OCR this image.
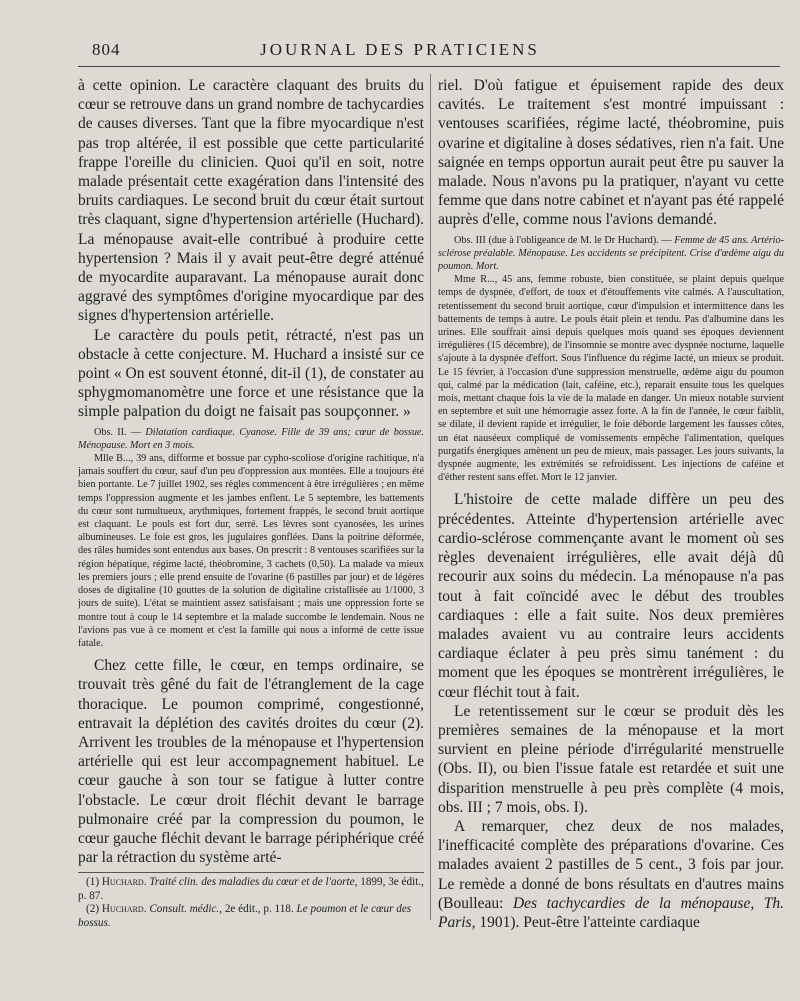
804	JOURNAL DES PRATICIENS

à cette opinion. Le caractère claquant des bruits du cœur se retrouve dans un grand nombre de tachycardies de causes diverses. Tant que la fibre myocardique n'est pas trop altérée, il est possible que cette particularité frappe l'oreille du clinicien. Quoi qu'il en soit, notre malade présentait cette exagération dans l'intensité des bruits cardiaques. Le second bruit du cœur était surtout très claquant, signe d'hypertension artérielle (Huchard). La ménopause avait-elle contribué à produire cette hypertension ? Mais il y avait peut-être degré atténué de myocardite auparavant. La ménopause aurait donc aggravé des symptômes d'origine myocardique par des signes d'hypertension artérielle.

Le caractère du pouls petit, rétracté, n'est pas un obstacle à cette conjecture. M. Huchard a insisté sur ce point « On est souvent étonné, dit-il (1), de constater au sphygmomanomètre une force et une résistance que la simple palpation du doigt ne faisait pas soupçonner. »

Obs. II. — Dilatation cardiaque. Cyanose. Fille de 39 ans; cœur de bossue. Ménopause. Mort en 3 mois.

Mlle B..., 39 ans, difforme et bossue par cypho-scoliose d'origine rachitique, n'a jamais souffert du cœur, sauf d'un peu d'oppression aux montées. Elle a toujours été bien portante. Le 7 juillet 1902, ses règles commencent à être irrégulières ; en même temps l'oppression augmente et les jambes enflent. Le 5 septembre, les battements du cœur sont tumultueux, arythmiques, fortement frappés, le second bruit aortique est claquant. Le pouls est fort dur, serré. Les lèvres sont cyanosées, les urines albumineuses. Le foie est gros, les jugulaires gonflées. Dans la poitrine déformée, des râles humides sont entendus aux bases. On prescrit : 8 ventouses scarifiées sur la région hépatique, régime lacté, théobromine, 3 cachets (0,50). La malade va mieux les premiers jours ; elle prend ensuite de l'ovarine (6 pastilles par jour) et de légères doses de digitaline (10 gouttes de la solution de digitaline cristallisée au 1/1000, 3 jours de suite). L'état se maintient assez satisfaisant ; mais une oppression forte se montre tout à coup le 14 septembre et la malade succombe le lendemain. Nous ne l'avions pas vue à ce moment et c'est la famille qui nous a informé de cette issue fatale.

Chez cette fille, le cœur, en temps ordinaire, se trouvait très gêné du fait de l'étranglement de la cage thoracique. Le poumon comprimé, congestionné, entravait la déplétion des cavités droites du cœur (2). Arrivent les troubles de la ménopause et l'hypertension artérielle qui est leur accompagnement habituel. Le cœur gauche à son tour se fatigue à lutter contre l'obstacle. Le cœur droit fléchit devant le barrage pulmonaire créé par la compression du poumon, le cœur gauche fléchit devant le barrage périphérique créé par la rétraction du système arté-

(1) Huchard. Traité clin. des maladies du cœur et de l'aorte, 1899, 3e édit., p. 87.

(2) Huchard. Consult. médic., 2e édit., p. 118. Le poumon et le cœur des bossus.

riel. D'où fatigue et épuisement rapide des deux cavités. Le traitement s'est montré impuissant : ventouses scarifiées, régime lacté, théobromine, puis ovarine et digitaline à doses sédatives, rien n'a fait. Une saignée en temps opportun aurait peut être pu sauver la malade. Nous n'avons pu la pratiquer, n'ayant vu cette femme que dans notre cabinet et n'ayant pas été rappelé auprès d'elle, comme nous l'avions demandé.

Obs. III (due à l'obligeance de M. le Dr Huchard). — Femme de 45 ans. Artério-sclérose préalable. Ménopause. Les accidents se précipitent. Crise d'œdème aigu du poumon. Mort.

Mme R..., 45 ans, femme robuste, bien constituée, se plaint depuis quelque temps de dyspnée, d'effort, de toux et d'étouffements vite calmés. A l'auscultation, retentissement du second bruit aortique, cœur d'impulsion et intermittence dans les battements de temps à autre. Le pouls était plein et tendu. Pas d'albumine dans les urines. Elle souffrait ainsi depuis quelques mois quand ses époques deviennent irrégulières (15 décembre), de l'insomnie se montre avec dyspnée nocturne, laquelle s'ajoute à la dyspnée d'effort. Sous l'influence du régime lacté, un mieux se produit. Le 15 février, à l'occasion d'une suppression menstruelle, œdème aigu du poumon qui, calmé par la médication (lait, caféine, etc.), reparait ensuite tous les quelques mois, mettant chaque fois la vie de la malade en danger. Un mieux notable survient en septembre et suit une hémorragie assez forte. A la fin de l'année, le cœur faiblit, se dilate, il devient rapide et irrégulier, le foie déborde largement les fausses côtes, un état nauséeux compliqué de vomissements empêche l'alimentation, quelques purgatifs énergiques amènent un peu de mieux, mais passager. Les jours suivants, la dyspnée augmente, les extrémités se refroidissent. Les injections de caféine et d'éther restent sans effet. Mort le 12 janvier.

L'histoire de cette malade diffère un peu des précédentes. Atteinte d'hypertension artérielle avec cardio-sclérose commençante avant le moment où ses règles devenaient irrégulières, elle avait déjà dû recourir aux soins du médecin. La ménopause n'a pas tout à fait coïncidé avec le début des troubles cardiaques : elle a fait suite. Nos deux premières malades avaient vu au contraire leurs accidents cardiaque éclater à peu près simu tanément : du moment que les époques se montrèrent irrégulières, le cœur fléchit tout à fait.

Le retentissement sur le cœur se produit dès les premières semaines de la ménopause et la mort survient en pleine période d'irrégularité menstruelle (Obs. II), ou bien l'issue fatale est retardée et suit une disparition menstruelle à peu près complète (4 mois, obs. III ; 7 mois, obs. I).

A remarquer, chez deux de nos malades, l'inefficacité complète des préparations d'ovarine. Ces malades avaient 2 pastilles de 5 cent., 3 fois par jour. Le remède a donné de bons résultats en d'autres mains (Boulleau: Des tachycardies de la ménopause, Th. Paris, 1901). Peut-être l'atteinte cardiaque
